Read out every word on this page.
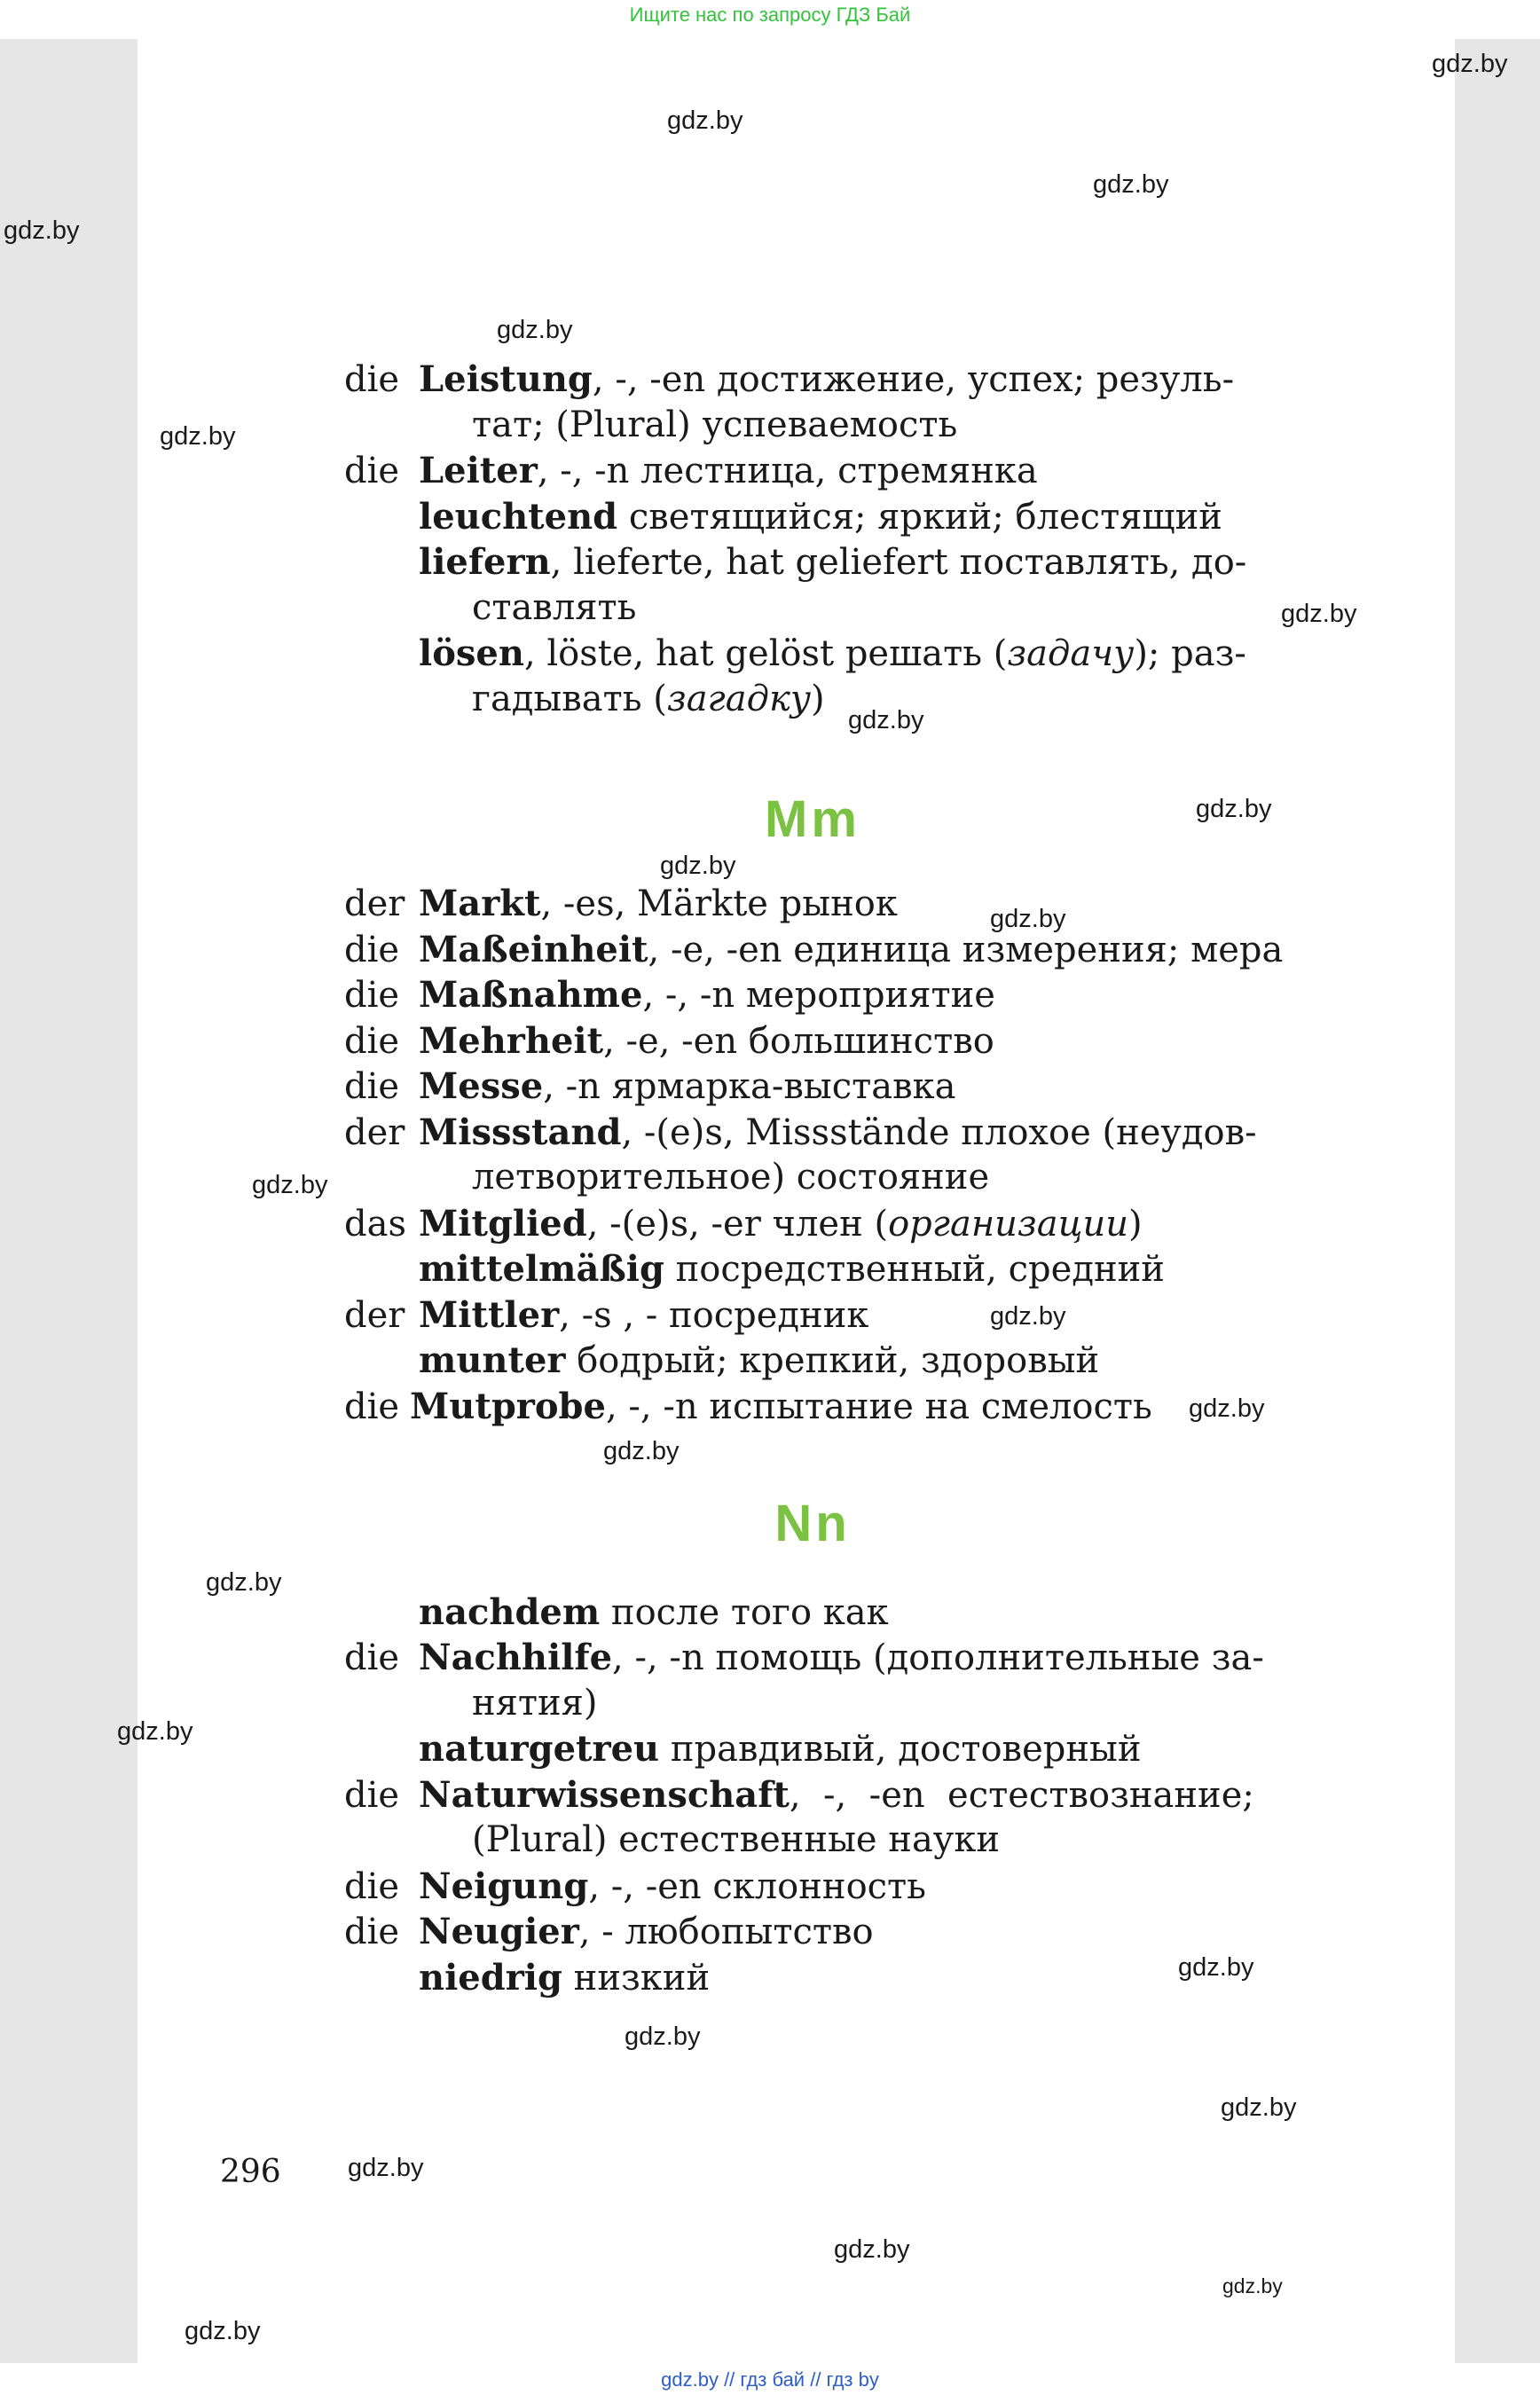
Ищите нас по запросу ГДЗ Бай
gdz.by
gdz.by
gdz.by
gdz.by
gdz.by
gdz.by
gdz.by
gdz.by
gdz.by
gdz.by
gdz.by
gdz.by
gdz.by
gdz.by
gdz.by
gdz.by
gdz.by
gdz.by
gdz.by
gdz.by
gdz.by
gdz.by
gdz.by
gdz.by
die Leistung, -, -en достижение, успех; резуль-
тат; (Plural) успеваемость
die Leiter, -, -n лестница, стремянка
leuchtend светящийся; яркий; блестящий
liefern, lieferte, hat geliefert поставлять, до-
ставлять
lösen, löste, hat gelöst решать (задачу); раз-
гадывать (загадку)
Mm
der Markt, -es, Märkte рынок
die Maßeinheit, -e, -en единица измерения; мера
die Maßnahme, -, -n мероприятие
die Mehrheit, -e, -en большинство
die Messe, -n ярмарка-выставка
der Missstand, -(e)s, Missstände плохое (неудов-
летворительное) состояние
das Mitglied, -(e)s, -er член (организации)
mittelmäßig посредственный, средний
der Mittler, -s , - посредник
munter бодрый; крепкий, здоровый
die Mutprobe, -, -n испытание на смелость
Nn
nachdem после того как
die Nachhilfe, -, -n помощь (дополнительные за-
нятия)
naturgetreu правдивый, достоверный
die Naturwissenschaft,  -,  -en  естествознание;
(Plural) естественные науки
die Neigung, -, -en склонность
die Neugier, - любопытство
niedrig низкий
296
gdz.by // гдз бай // гдз by
